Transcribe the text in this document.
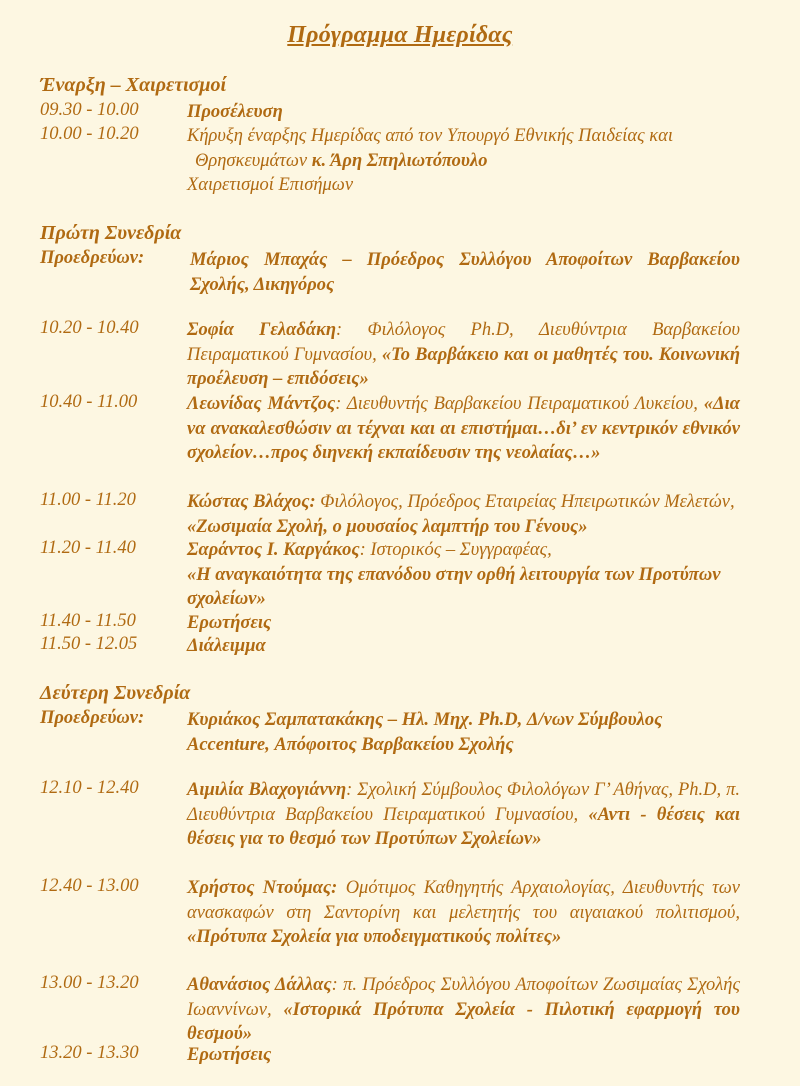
Πρόγραμμα Ημερίδας
Έναρξη – Χαιρετισμοί
09.30 - 10.00	Προσέλευση
10.00 - 10.20	Κήρυξη έναρξης Ημερίδας από τον Υπουργό Εθνικής Παιδείας και
Θρησκευμάτων κ. Άρη Σπηλιωτόπουλο
Χαιρετισμοί Επισήμων
Πρώτη Συνεδρία
Προεδρεύων: Μάριος Μπαχάς – Πρόεδρος Συλλόγου Αποφοίτων Βαρβακείου Σχολής, Δικηγόρος
10.20 - 10.40	Σοφία Γελαδάκη: Φιλόλογος Ph.D, Διευθύντρια Βαρβακείου Πειραματικού Γυμνασίου, «Το Βαρβάκειο και οι μαθητές του. Κοινωνική προέλευση – επιδόσεις»
10.40 - 11.00	Λεωνίδας Μάντζος: Διευθυντής Βαρβακείου Πειραματικού Λυκείου, «Δια να ανακαλεσθώσιν αι τέχναι και αι επιστήμαι…δι’ εν κεντρικόν εθνικόν σχολείον…προς διηνεκή εκπαίδευσιν της νεολαίας…»
11.00 - 11.20	Κώστας Βλάχος: Φιλόλογος, Πρόεδρος Εταιρείας Ηπειρωτικών Μελετών, «Ζωσιμαία Σχολή, ο μουσαίος λαμπτήρ του Γένους»
11.20 - 11.40	Σαράντος Ι. Καργάκος: Ιστορικός – Συγγραφέας,
«Η αναγκαιότητα της επανόδου στην ορθή λειτουργία των Προτύπων σχολείων»
11.40 - 11.50	Ερωτήσεις
11.50 - 12.05	Διάλειμμα
Δεύτερη Συνεδρία
Προεδρεύων: Κυριάκος Σαμπατακάκης – Ηλ. Μηχ. Ph.D, Δ/νων Σύμβουλος Accenture, Απόφοιτος Βαρβακείου Σχολής
12.10 - 12.40	Αιμιλία Βλαχογιάννη: Σχολική Σύμβουλος Φιλολόγων Γ’ Αθήνας, Ph.D, π. Διευθύντρια Βαρβακείου Πειραματικού Γυμνασίου, «Αντι - θέσεις και θέσεις για το θεσμό των Προτύπων Σχολείων»
12.40 - 13.00	Χρήστος Ντούμας: Ομότιμος Καθηγητής Αρχαιολογίας, Διευθυντής των ανασκαφών στη Σαντορίνη και μελετητής του αιγαιακού πολιτισμού, «Πρότυπα Σχολεία για υποδειγματικούς πολίτες»
13.00 - 13.20	Αθανάσιος Δάλλας: π. Πρόεδρος Συλλόγου Αποφοίτων Ζωσιμαίας Σχολής Ιωαννίνων, «Ιστορικά Πρότυπα Σχολεία - Πιλοτική εφαρμογή του θεσμού»
13.20 - 13.30	Ερωτήσεις
